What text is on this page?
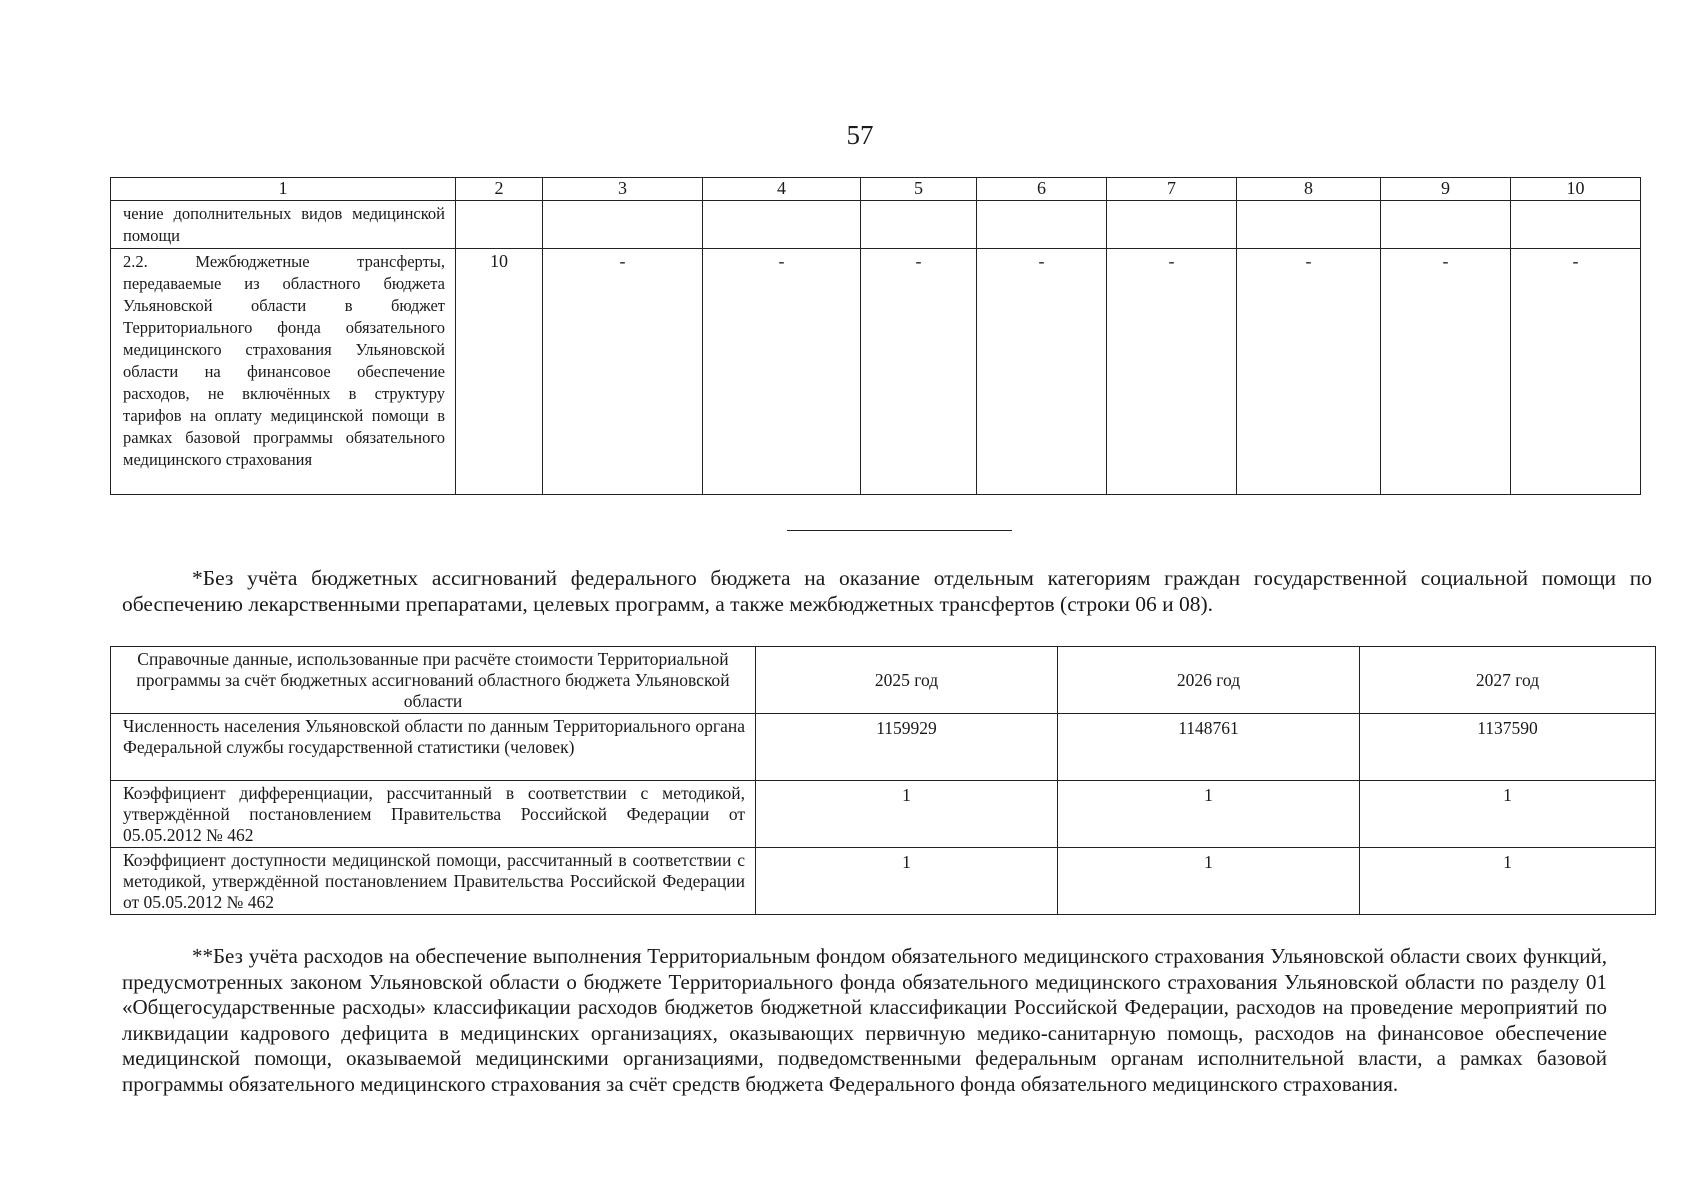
57
1	2	3	4	5	6	7	8	9	10
чение дополнительных видов медицинской помощи									
2.2. Межбюджетные трансферты, передаваемые из областного бюджета Ульяновской области в бюджет Территориального фонда обязательного медицинского страхования Ульяновской области на финансовое обеспечение расходов, не включённых в структуру тарифов на оплату медицинской помощи в рамках базовой программы обязательного медицинского страхования	10	-	-	-	-	-	-	-	-

*Без учёта бюджетных ассигнований федерального бюджета на оказание отдельным категориям граждан государственной социальной помощи по обеспечению лекарственными препаратами, целевых программ, а также межбюджетных трансфертов (строки 06 и 08).

Справочные данные, использованные при расчёте стоимости Территориальной программы за счёт бюджетных ассигнований областного бюджета Ульяновской области	2025 год	2026 год	2027 год
Численность населения Ульяновской области по данным Территориального органа Федеральной службы государственной статистики (человек)	1159929	1148761	1137590
Коэффициент дифференциации, рассчитанный в соответствии с методикой, утверждённой постановлением Правительства Российской Федерации от 05.05.2012 № 462	1	1	1
Коэффициент доступности медицинской помощи, рассчитанный в соответствии с методикой, утверждённой постановлением Правительства Российской Федерации от 05.05.2012 № 462	1	1	1

**Без учёта расходов на обеспечение выполнения Территориальным фондом обязательного медицинского страхования Ульяновской области своих функций, предусмотренных законом Ульяновской области о бюджете Территориального фонда обязательного медицинского страхования Ульяновской области по разделу 01 «Общегосударственные расходы» классификации расходов бюджетов бюджетной классификации Российской Федерации, расходов на проведение мероприятий по ликвидации кадрового дефицита в медицинских организациях, оказывающих первичную медико-санитарную помощь, расходов на финансовое обеспечение медицинской помощи, оказываемой медицинскими организациями, подведомственными федеральным органам исполнительной власти, а рамках базовой программы обязательного медицинского страхования за счёт средств бюджета Федерального фонда обязательного медицинского страхования.
